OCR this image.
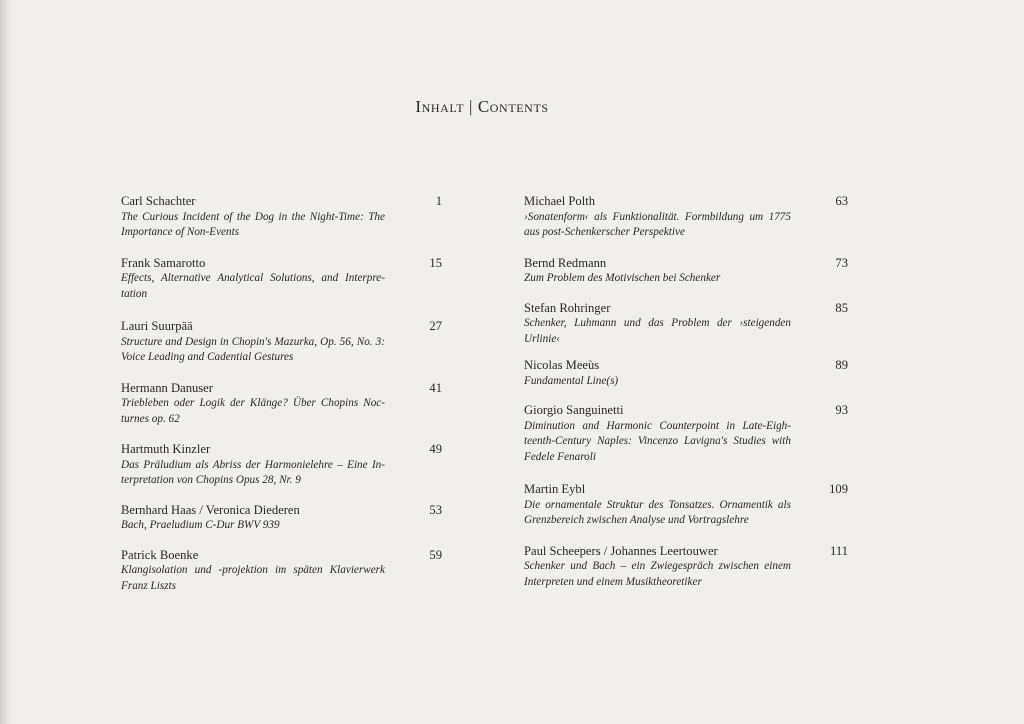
Inhalt | Contents
Carl Schachter
The Curious Incident of the Dog in the Night-Time: The Importance of Non-Events
1
Frank Samarotto
Effects, Alternative Analytical Solutions, and Interpre-tation
15
Lauri Suurpää
Structure and Design in Chopin's Mazurka, Op. 56, No. 3: Voice Leading and Cadential Gestures
27
Hermann Danuser
Triebleben oder Logik der Klänge? Über Chopins Noc-turnes op. 62
41
Hartmuth Kinzler
Das Präludium als Abriss der Harmonielehre – Eine In-terpretation von Chopins Opus 28, Nr. 9
49
Bernhard Haas / Veronica Diederen
Bach, Praeludium C-Dur BWV 939
53
Patrick Boenke
Klangisolation und -projektion im späten Klavierwerk Franz Liszts
59
Michael Polth
›Sonatenform‹ als Funktionalität. Formbildung um 1775 aus post-Schenkerscher Perspektive
63
Bernd Redmann
Zum Problem des Motivischen bei Schenker
73
Stefan Rohringer
Schenker, Luhmann und das Problem der ›steigenden Urlinie‹
85
Nicolas Meeùs
Fundamental Line(s)
89
Giorgio Sanguinetti
Diminution and Harmonic Counterpoint in Late-Eigh-teenth-Century Naples: Vincenzo Lavigna's Studies with Fedele Fenaroli
93
Martin Eybl
Die ornamentale Struktur des Tonsatzes. Ornamentik als Grenzbereich zwischen Analyse und Vortragslehre
109
Paul Scheepers / Johannes Leertouwer
Schenker und Bach – ein Zwiegespräch zwischen einem Interpreten und einem Musiktheoretiker
111
